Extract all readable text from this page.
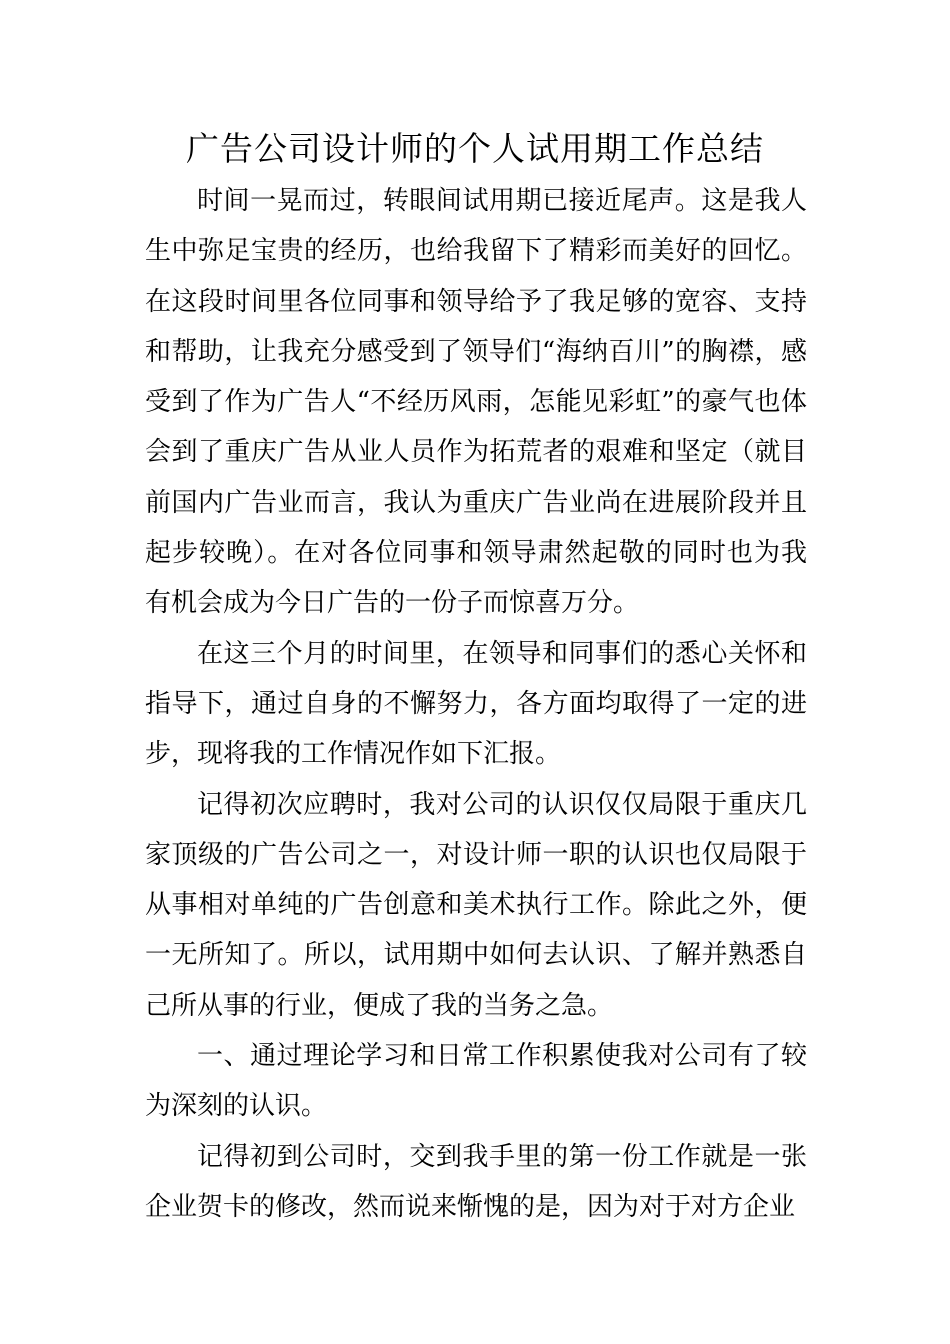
广告公司设计师的个人试用期工作总结

时间一晃而过，转眼间试用期已接近尾声。这是我人生中弥足宝贵的经历，也给我留下了精彩而美好的回忆。在这段时间里各位同事和领导给予了我足够的宽容、支持和帮助，让我充分感受到了领导们“海纳百川”的胸襟，感受到了作为广告人“不经历风雨，怎能见彩虹”的豪气也体会到了重庆广告从业人员作为拓荒者的艰难和坚定（就目前国内广告业而言，我认为重庆广告业尚在进展阶段并且起步较晚）。在对各位同事和领导肃然起敬的同时也为我有机会成为今日广告的一份子而惊喜万分。

在这三个月的时间里，在领导和同事们的悉心关怀和指导下，通过自身的不懈努力，各方面均取得了一定的进步，现将我的工作情况作如下汇报。

记得初次应聘时，我对公司的认识仅仅局限于重庆几家顶级的广告公司之一，对设计师一职的认识也仅局限于从事相对单纯的广告创意和美术执行工作。除此之外，便一无所知了。所以，试用期中如何去认识、了解并熟悉自己所从事的行业，便成了我的当务之急。

一、通过理论学习和日常工作积累使我对公司有了较为深刻的认识。

记得初到公司时，交到我手里的第一份工作就是一张企业贺卡的修改，然而说来惭愧的是，因为对于对方企业
